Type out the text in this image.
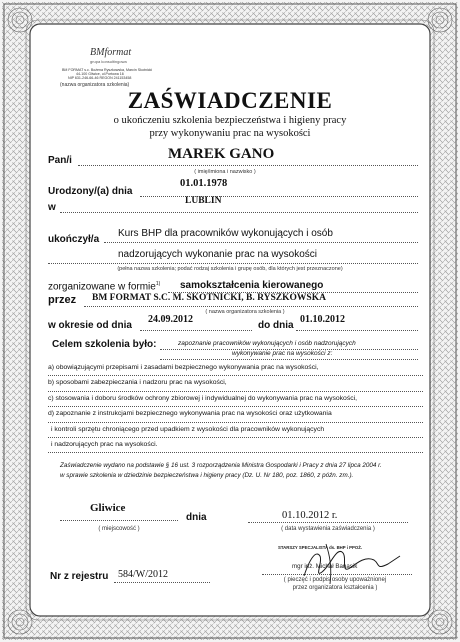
BMformat
grupa konsultingowa
BM FORMAT s.c. Bożena Ryszkowska, Marcin Skotnicki
44-100 Gliwice, ul.Portowa 16
NIP 631-246-66-46 REGON 241153458
(nazwa organizatora szkolenia)
ZAŚWIADCZENIE
o ukończeniu szkolenia bezpieczeństwa i higieny pracy
przy wykonywaniu prac na wysokości
Pan/i	MAREK GANO
( imię/imiona i nazwisko )
Urodzony/(a) dnia
01.01.1978
w
LUBLIN
ukończył/a
Kurs BHP dla pracowników wykonujących i osób
nadzorujących wykonanie prac na wysokości
(pełna nazwa szkolenia; podać rodzaj szkolenia i grupę osób, dla których jest przeznaczone)
zorganizowane w formie$^{1)}$ samokształcenia kierowanego
przez BM FORMAT S.C. M. SKOTNICKI, B. RYSZKOWSKA
( nazwa organizatora szkolenia )
w okresie od dnia
24.09.2012
do dnia
01.10.2012
Celem szkolenia było:	zapoznanie pracowników wykonujących i osób nadzorujących
wykonywanie prac na wysokości z:
a) obowiązującymi przepisami i zasadami bezpiecznego wykonywania prac na wysokości,
b) sposobami zabezpieczania i nadzoru prac na wysokości,
c) stosowania i doboru środków ochrony zbiorowej i indywidualnej do wykonywania prac na wysokości,
d) zapoznanie z instrukcjami bezpiecznego wykonywania prac na wysokości oraz użytkowania
i kontroli sprzętu chroniącego przed upadkiem z wysokości dla pracowników wykonujących
i nadzorujących prac na wysokości.
Zaświadczenie wydano na podstawie § 16 ust. 3 rozporządzenia Ministra Gospodarki i Pracy z dnia 27 lipca 2004 r.
w sprawie szkolenia w dziedzinie bezpieczeństwa i higieny pracy (Dz. U. Nr 180, poz. 1860, z późn. zm.).
Gliwice
( miejscowość )
dnia	01.10.2012 r.
( data wystawienia zaświadczenia )
STARSZY SPECJALISTA ds. BHP i PPOŻ.
mgr inż. Michał Banasik
( pieczęć i podpis osoby upoważnionej
przez organizatora kształcenia )
Nr z rejestru 584/W/2012
